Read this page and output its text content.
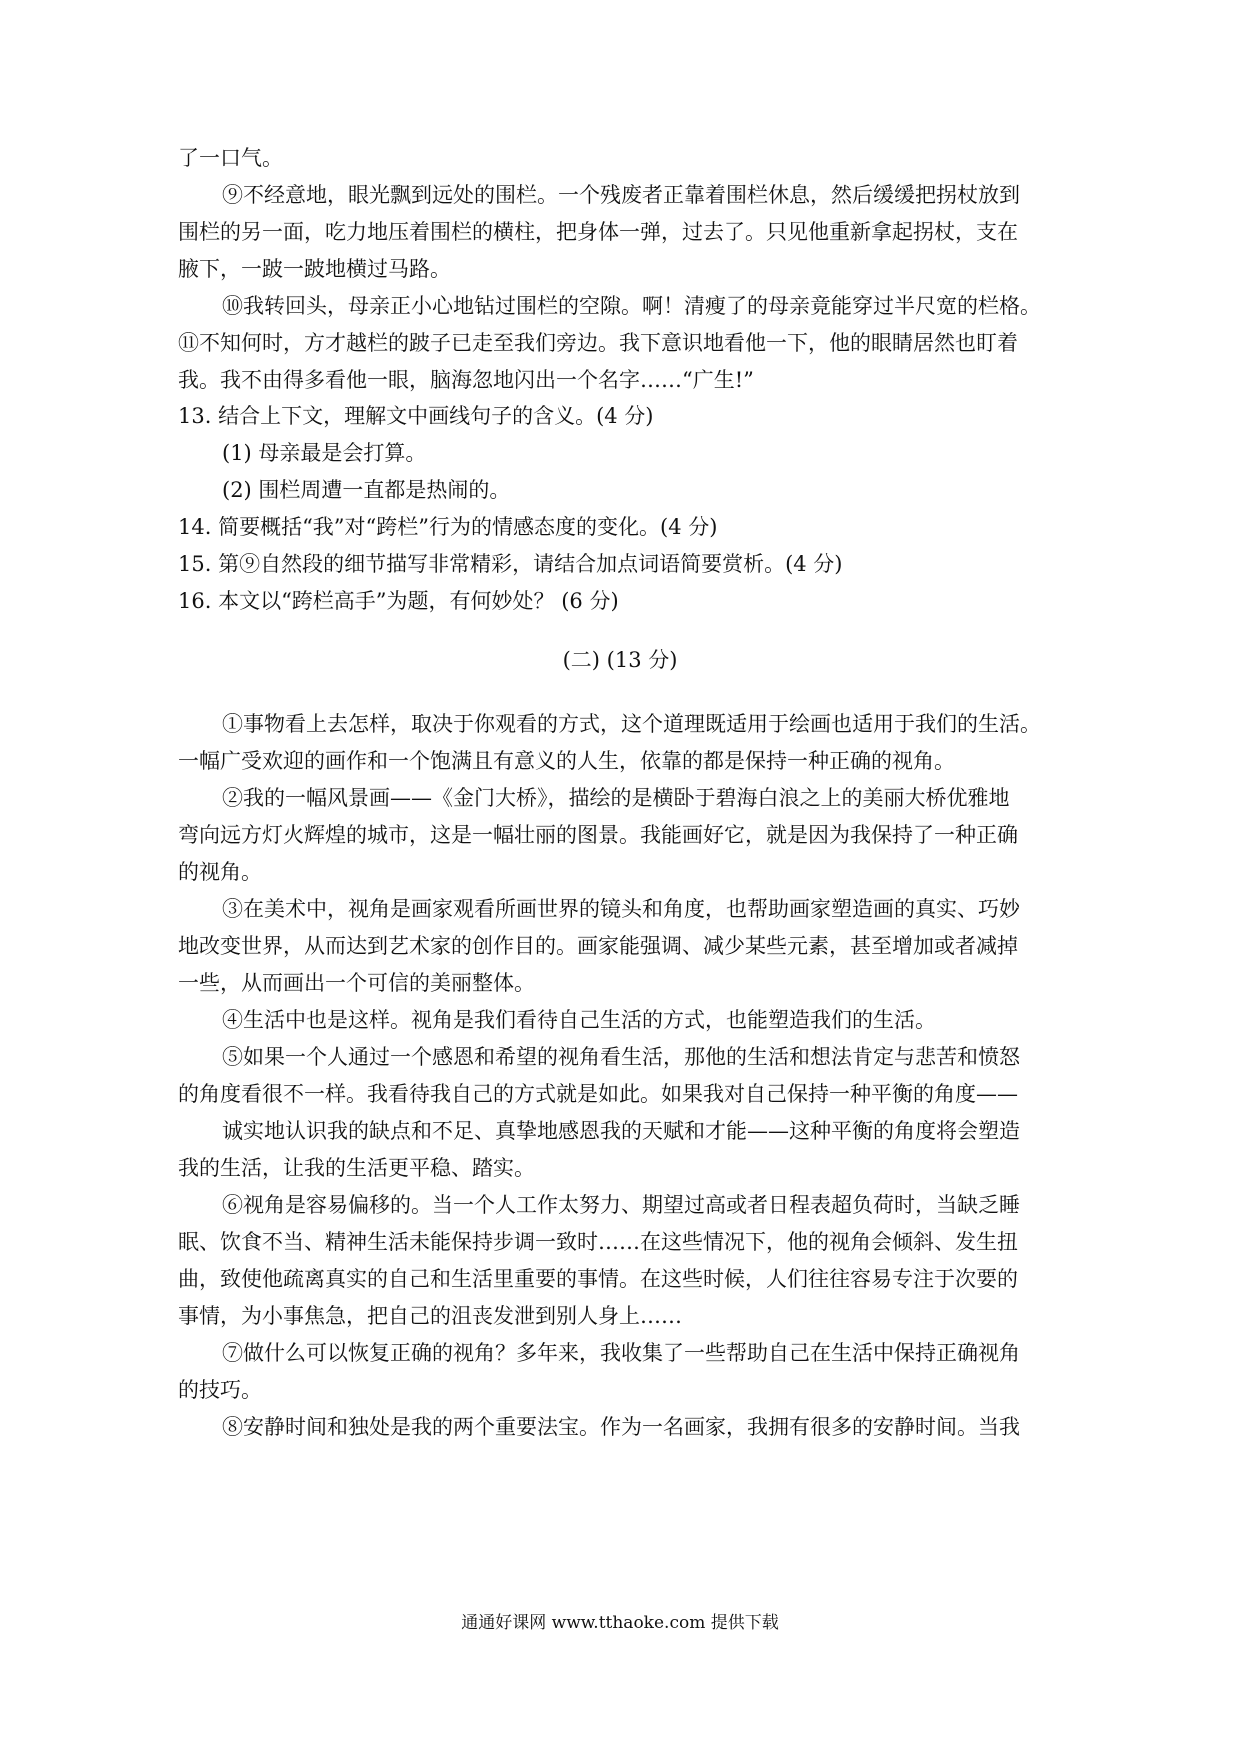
了一口气。

⑨不经意地，眼光飘到远处的围栏。一个残废者正靠着围栏休息，然后缓缓把拐杖放到

围栏的另一面，吃力地压着围栏的横柱，把身体一弹，过去了。只见他重新拿起拐杖，支在

腋下，一跛一跛地横过马路。

⑩我转回头，母亲正小心地钻过围栏的空隙。啊！清瘦了的母亲竟能穿过半尺宽的栏格。

⑪不知何时，方才越栏的跛子已走至我们旁边。我下意识地看他一下，他的眼睛居然也盯着

我。我不由得多看他一眼，脑海忽地闪出一个名字……“广生!”

13. 结合上下文，理解文中画线句子的含义。(4 分)

(1) 母亲最是会打算。

(2) 围栏周遭一直都是热闹的。

14. 简要概括“我”对“跨栏”行为的情感态度的变化。(4 分)

15. 第⑨自然段的细节描写非常精彩，请结合加点词语简要赏析。(4 分)

16. 本文以“跨栏高手”为题，有何妙处？ (6 分)

(二) (13 分)

①事物看上去怎样，取决于你观看的方式，这个道理既适用于绘画也适用于我们的生活。

一幅广受欢迎的画作和一个饱满且有意义的人生，依靠的都是保持一种正确的视角。

②我的一幅风景画——《金门大桥》，描绘的是横卧于碧海白浪之上的美丽大桥优雅地

弯向远方灯火辉煌的城市，这是一幅壮丽的图景。我能画好它，就是因为我保持了一种正确

的视角。

③在美术中，视角是画家观看所画世界的镜头和角度，也帮助画家塑造画的真实、巧妙

地改变世界，从而达到艺术家的创作目的。画家能强调、减少某些元素，甚至增加或者减掉

一些，从而画出一个可信的美丽整体。

④生活中也是这样。视角是我们看待自己生活的方式，也能塑造我们的生活。

⑤如果一个人通过一个感恩和希望的视角看生活，那他的生活和想法肯定与悲苦和愤怒

的角度看很不一样。我看待我自己的方式就是如此。如果我对自己保持一种平衡的角度——

诚实地认识我的缺点和不足、真挚地感恩我的天赋和才能——这种平衡的角度将会塑造

我的生活，让我的生活更平稳、踏实。

⑥视角是容易偏移的。当一个人工作太努力、期望过高或者日程表超负荷时，当缺乏睡

眠、饮食不当、精神生活未能保持步调一致时……在这些情况下，他的视角会倾斜、发生扭

曲，致使他疏离真实的自己和生活里重要的事情。在这些时候，人们往往容易专注于次要的

事情，为小事焦急，把自己的沮丧发泄到别人身上……

⑦做什么可以恢复正确的视角？多年来，我收集了一些帮助自己在生活中保持正确视角

的技巧。

⑧安静时间和独处是我的两个重要法宝。作为一名画家，我拥有很多的安静时间。当我

通通好课网 www.tthaoke.com 提供下载
